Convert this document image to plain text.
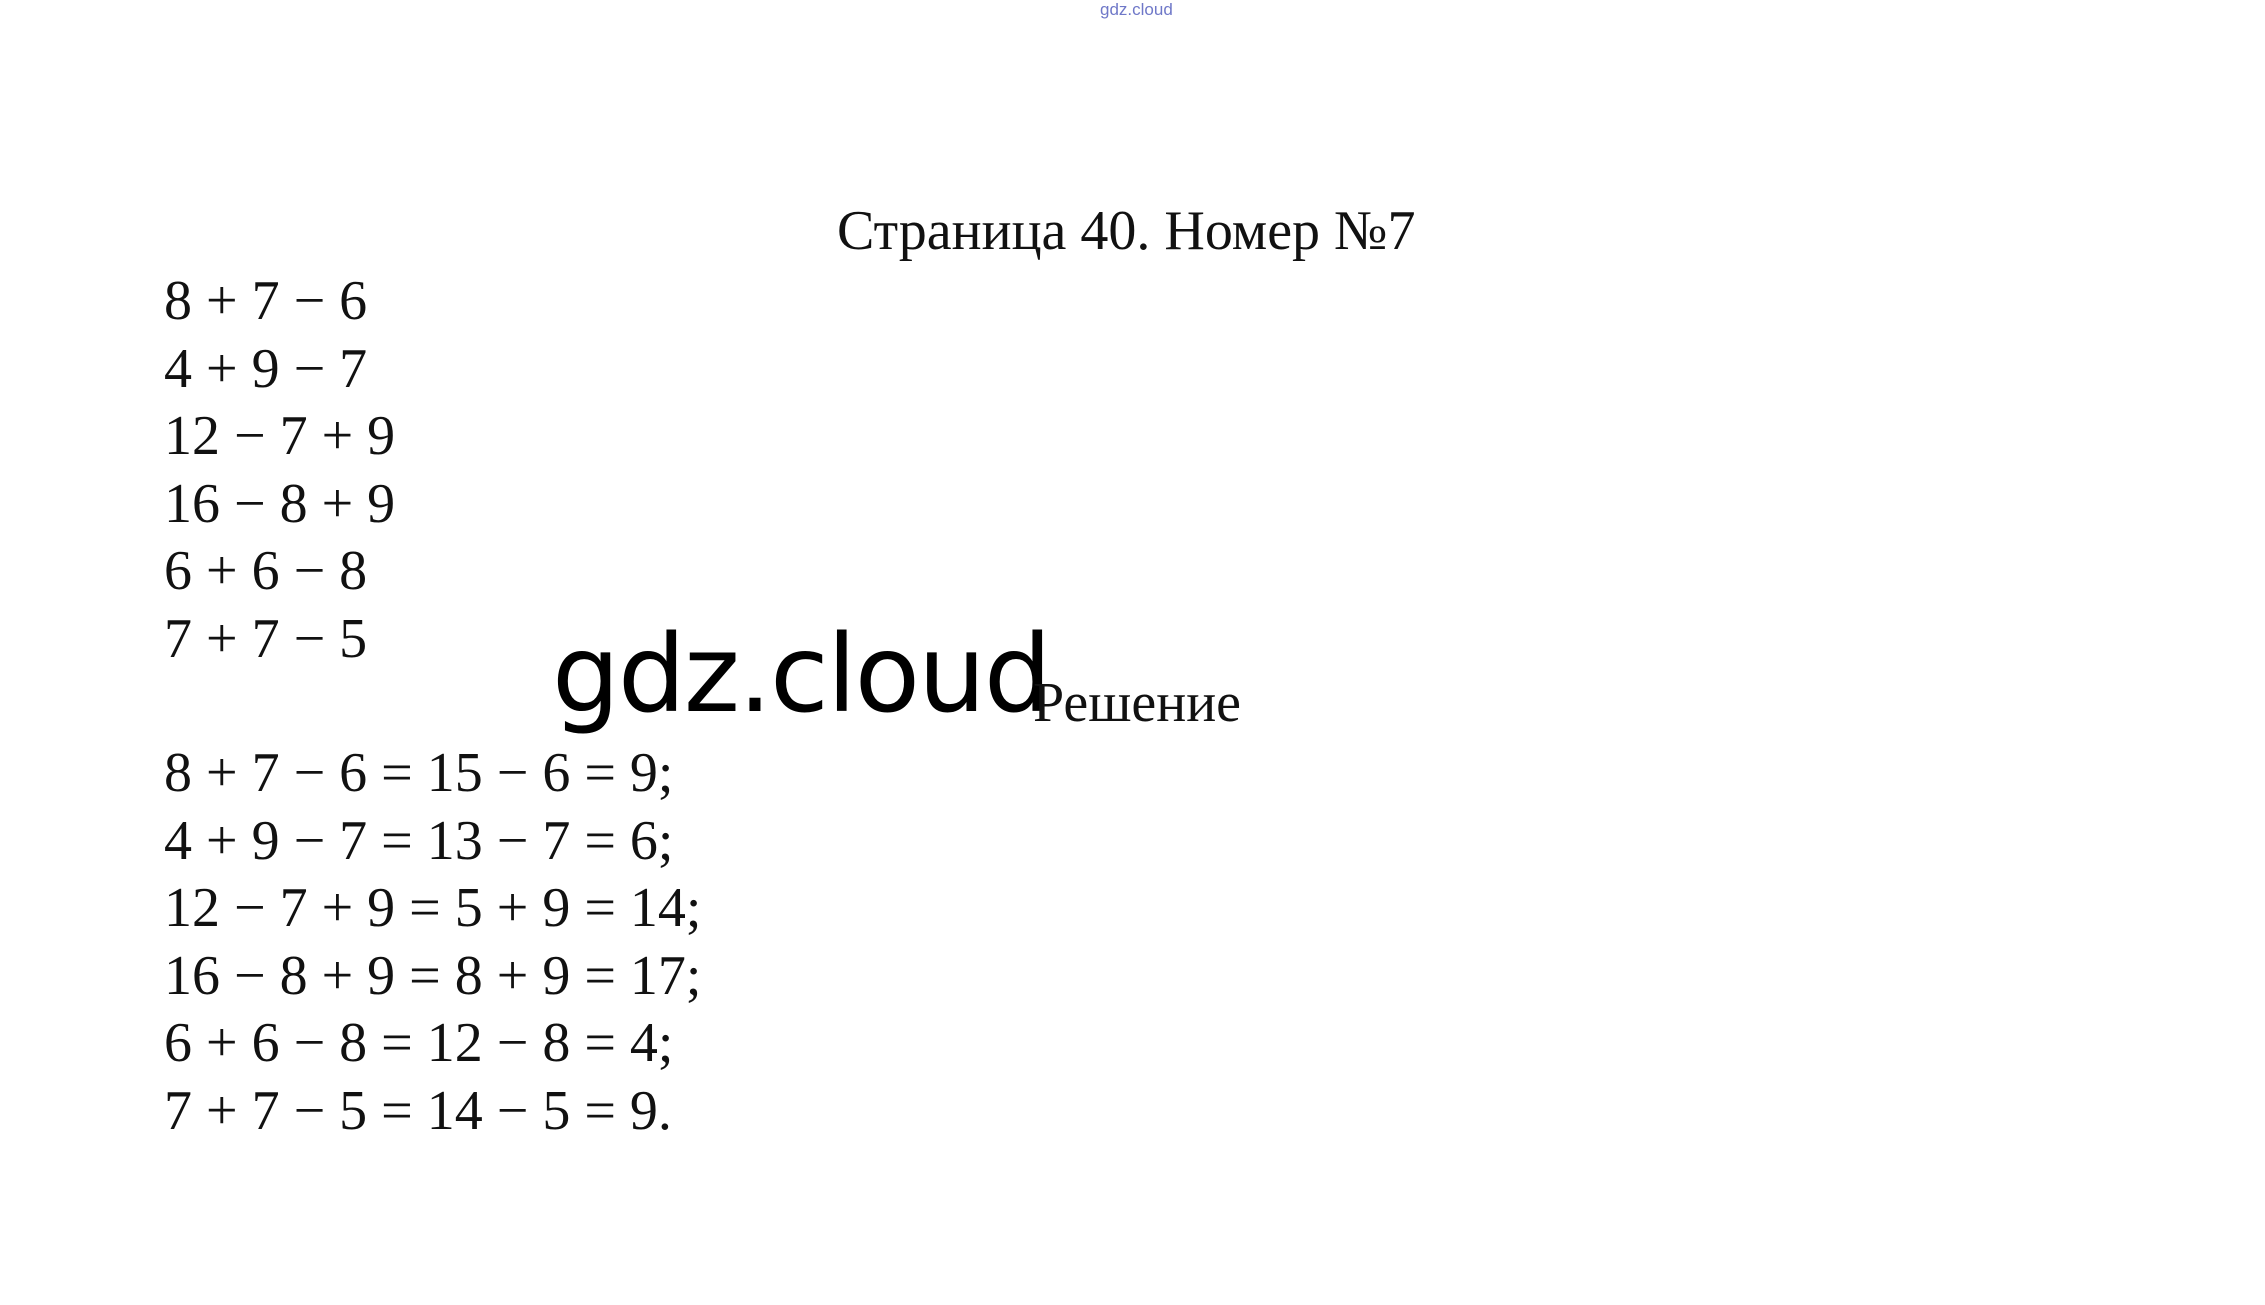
gdz.cloud
Страница 40. Номер №7
8 + 7 − 6
4 + 9 − 7
12 − 7 + 9
16 − 8 + 9
6 + 6 − 8
7 + 7 − 5 gdz.cloud
Решение
8 + 7 − 6 = 15 − 6 = 9;
4 + 9 − 7 = 13 − 7 = 6;
12 − 7 + 9 = 5 + 9 = 14;
16 − 8 + 9 = 8 + 9 = 17;
6 + 6 − 8 = 12 − 8 = 4;
7 + 7 − 5 = 14 − 5 = 9.
